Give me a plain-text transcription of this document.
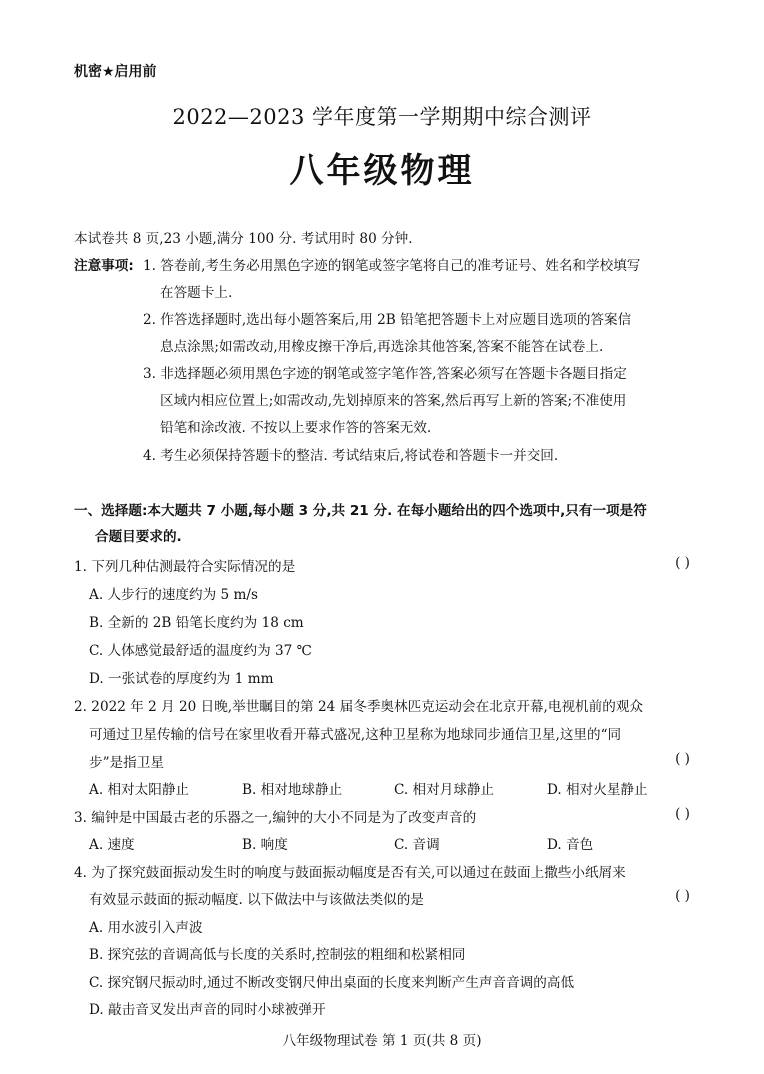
机密★启用前
2022—2023 学年度第一学期期中综合测评
八年级物理
本试卷共 8 页,23 小题,满分 100 分. 考试用时 80 分钟.
注意事项: 1. 答卷前,考生务必用黑色字迹的钢笔或签字笔将自己的准考证号、姓名和学校填写
在答题卡上.
2. 作答选择题时,选出每小题答案后,用 2B 铅笔把答题卡上对应题目选项的答案信
息点涂黑;如需改动,用橡皮擦干净后,再选涂其他答案,答案不能答在试卷上.
3. 非选择题必须用黑色字迹的钢笔或签字笔作答,答案必须写在答题卡各题目指定
区域内相应位置上;如需改动,先划掉原来的答案,然后再写上新的答案;不准使用
铅笔和涂改液. 不按以上要求作答的答案无效.
4. 考生必须保持答题卡的整洁. 考试结束后,将试卷和答题卡一并交回.
一、选择题:本大题共 7 小题,每小题 3 分,共 21 分. 在每小题给出的四个选项中,只有一项是符
合题目要求的.
1. 下列几种估测最符合实际情况的是	( )
A. 人步行的速度约为 5 m/s
B. 全新的 2B 铅笔长度约为 18 cm
C. 人体感觉最舒适的温度约为 37 ℃
D. 一张试卷的厚度约为 1 mm
2. 2022 年 2 月 20 日晚,举世瞩目的第 24 届冬季奥林匹克运动会在北京开幕,电视机前的观众
可通过卫星传输的信号在家里收看开幕式盛况,这种卫星称为地球同步通信卫星,这里的“同
步”是指卫星	( )
A. 相对太阳静止	B. 相对地球静止	C. 相对月球静止	D. 相对火星静止
3. 编钟是中国最古老的乐器之一,编钟的大小不同是为了改变声音的	( )
A. 速度	B. 响度	C. 音调	D. 音色
4. 为了探究鼓面振动发生时的响度与鼓面振动幅度是否有关,可以通过在鼓面上撒些小纸屑来
有效显示鼓面的振动幅度. 以下做法中与该做法类似的是	( )
A. 用水波引入声波
B. 探究弦的音调高低与长度的关系时,控制弦的粗细和松紧相同
C. 探究钢尺振动时,通过不断改变钢尺伸出桌面的长度来判断产生声音音调的高低
D. 敲击音叉发出声音的同时小球被弹开
八年级物理试卷 第 1 页(共 8 页)
